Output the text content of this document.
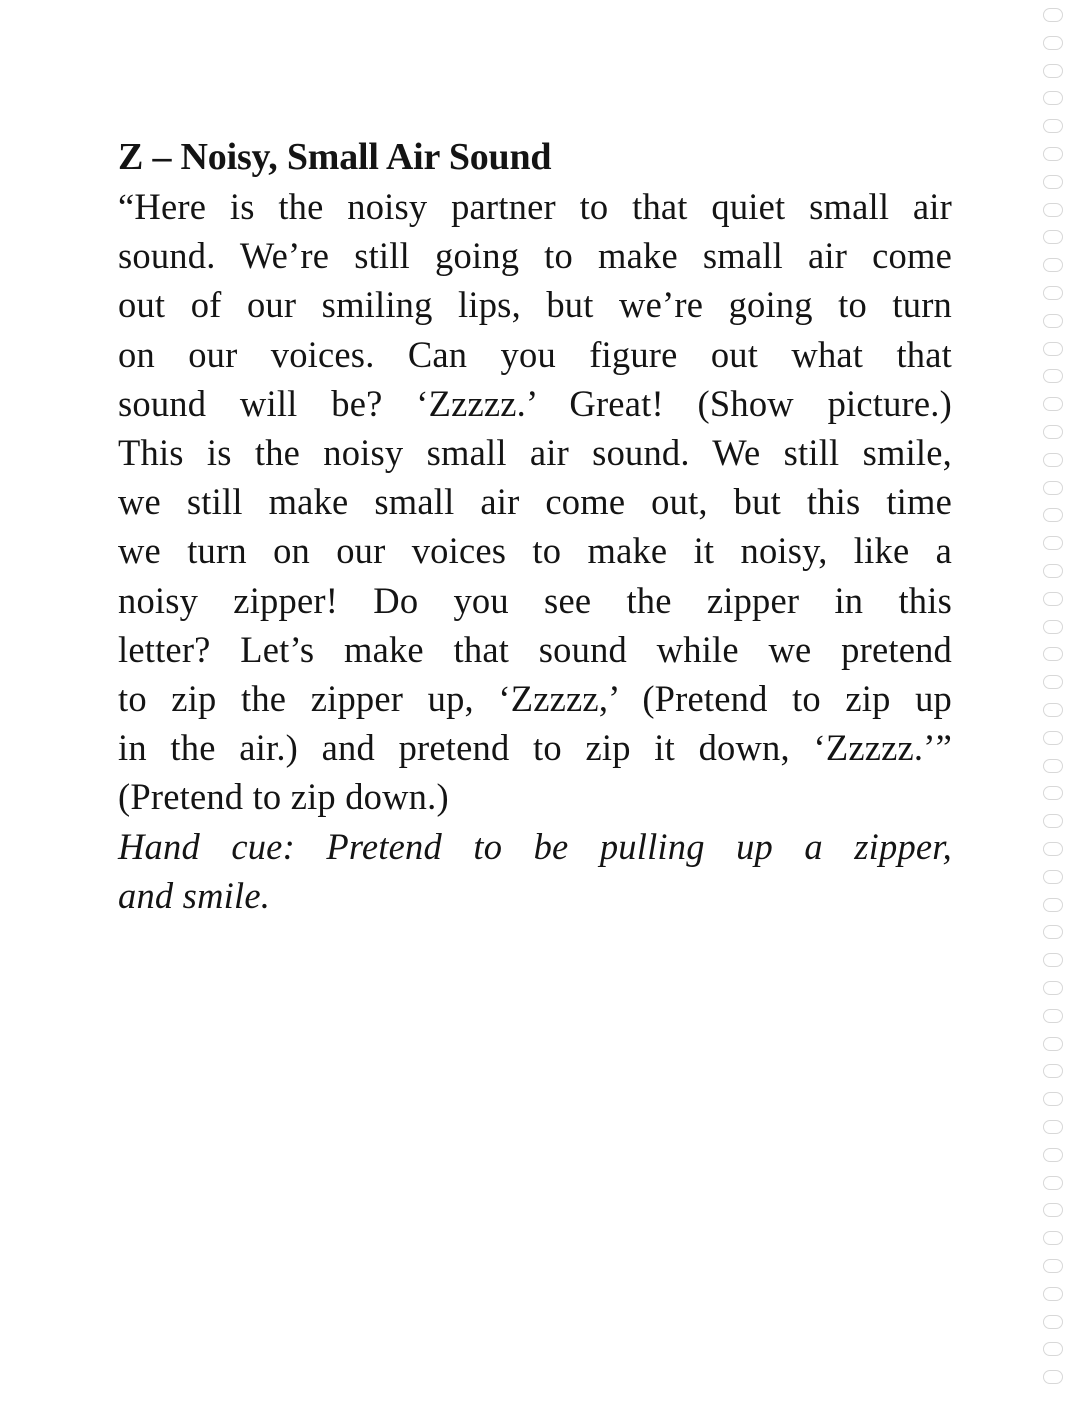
Z – Noisy, Small Air Sound
“Here is the noisy partner to that quiet small air
sound. We’re still going to make small air come
out of our smiling lips, but we’re going to turn
on our voices. Can you figure out what that
sound will be? ‘Zzzzz.’ Great! (Show picture.)
This is the noisy small air sound. We still smile,
we still make small air come out, but this time
we turn on our voices to make it noisy, like a
noisy zipper! Do you see the zipper in this
letter? Let’s make that sound while we pretend
to zip the zipper up, ‘Zzzzz,’ (Pretend to zip up
in the air.) and pretend to zip it down, ‘Zzzzz.’”
(Pretend to zip down.)
Hand cue: Pretend to be pulling up a zipper,
and smile.
